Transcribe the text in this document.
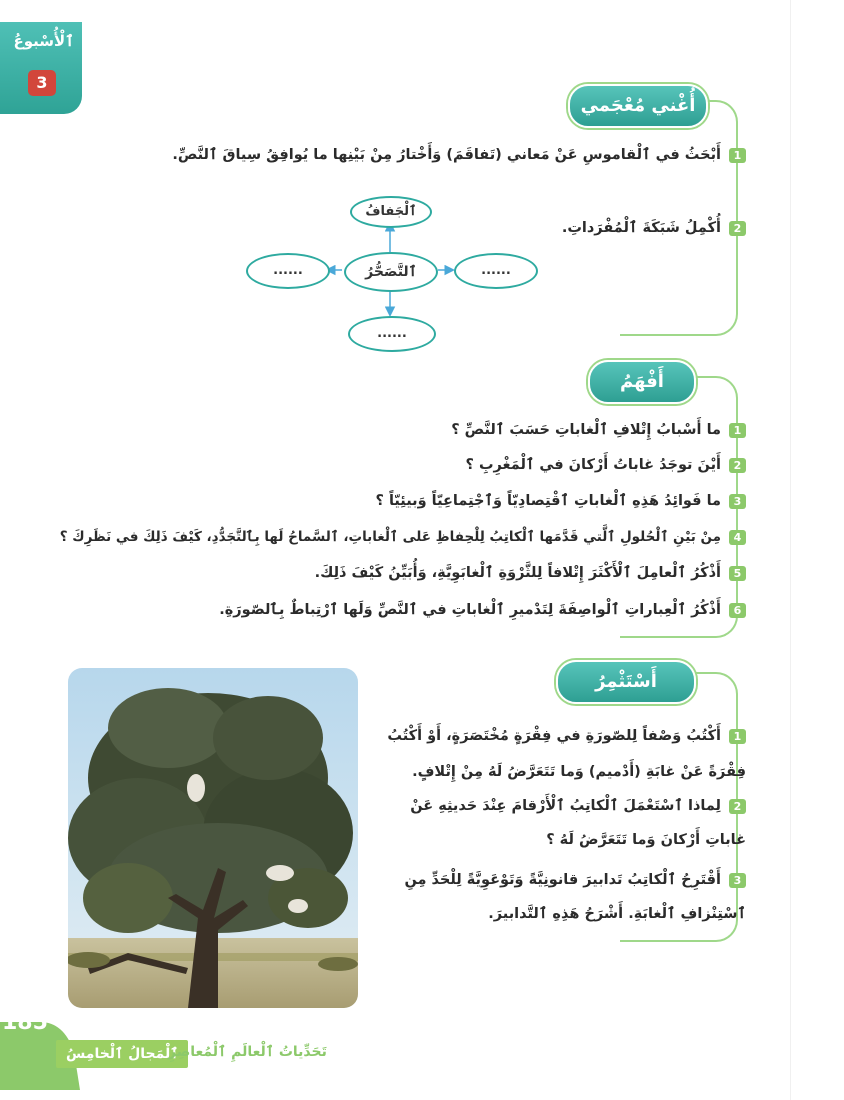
ٱلْأُسْبوعُ
3
أُغْني مُعْجَمي
1أَبْحَثُ في ٱلْقاموسِ عَنْ مَعاني (تَفاقَمَ) وَأَخْتارُ مِنْ بَيْنِها ما يُوافِقُ سِياقَ ٱلنَّصِّ.
2أُكْمِلُ شَبَكَةَ ٱلْمُفْرَداتِ.
ٱلْجَفافُ
ٱلتَّصَحُّرُ
......	......
......
أَفْهَمُ
1ما أَسْبابُ إِتْلافِ ٱلْغاباتِ حَسَبَ ٱلنَّصِّ ؟
2أَيْنَ توجَدُ غاباتُ أَرْكانَ في ٱلْمَغْرِبِ ؟
3ما فَوائِدُ هَذِهِ ٱلْغاباتِ ٱقْتِصادِيّاً وَٱجْتِماعِيّاً وَبيئِيّاً ؟
4مِنْ بَيْنِ ٱلْحُلولِ ٱلَّتي قَدَّمَها ٱلْكاتِبُ لِلْحِفاظِ عَلى ٱلْغاباتِ، ٱلسَّماحُ لَها بِٱلتَّجَدُّدِ، كَيْفَ ذَلِكَ في نَظَرِكَ ؟
5أَذْكُرُ ٱلْعامِلَ ٱلْأَكْثَرَ إِتْلافاً لِلثَّرْوَةِ ٱلْغابَوِيَّةِ، وَأُبَيِّنُ كَيْفَ ذَلِكَ.
6أَذْكُرُ ٱلْعِباراتِ ٱلْواصِفَةَ لِتَدْميرِ ٱلْغاباتِ في ٱلنَّصِّ وَلَها ٱرْتِباطٌ بِٱلصّورَةِ.
أَسْتَثْمِرُ
1أَكْتُبُ وَصْفاً لِلصّورَةِ في فِقْرَةٍ مُخْتَصَرَةٍ، أَوْ أَكْتُبُ
فِقْرَةً عَنْ غابَةِ (أَدْميم) وَما تَتَعَرَّضُ لَهُ مِنْ إِتْلافٍ.
2لِماذا ٱسْتَعْمَلَ ٱلْكاتِبُ ٱلْأَرْقامَ عِنْدَ حَديثِهِ عَنْ
غاباتِ أَرْكانَ وَما تَتَعَرَّضُ لَهُ ؟
3أَقْتَرِحُ ٱلْكاتِبُ تَدابيرَ قانونِيَّةً وَتَوْعَوِيَّةً لِلْحَدِّ مِنِ
ٱسْتِنْزافِ ٱلْغابَةِ. أَشْرَحُ هَذِهِ ٱلتَّدابيرَ.
185
ٱلْمَجالُ ٱلْخامِسُ
تَحَدِّياتُ ٱلْعالَمِ ٱلْمُعاصِرِ
